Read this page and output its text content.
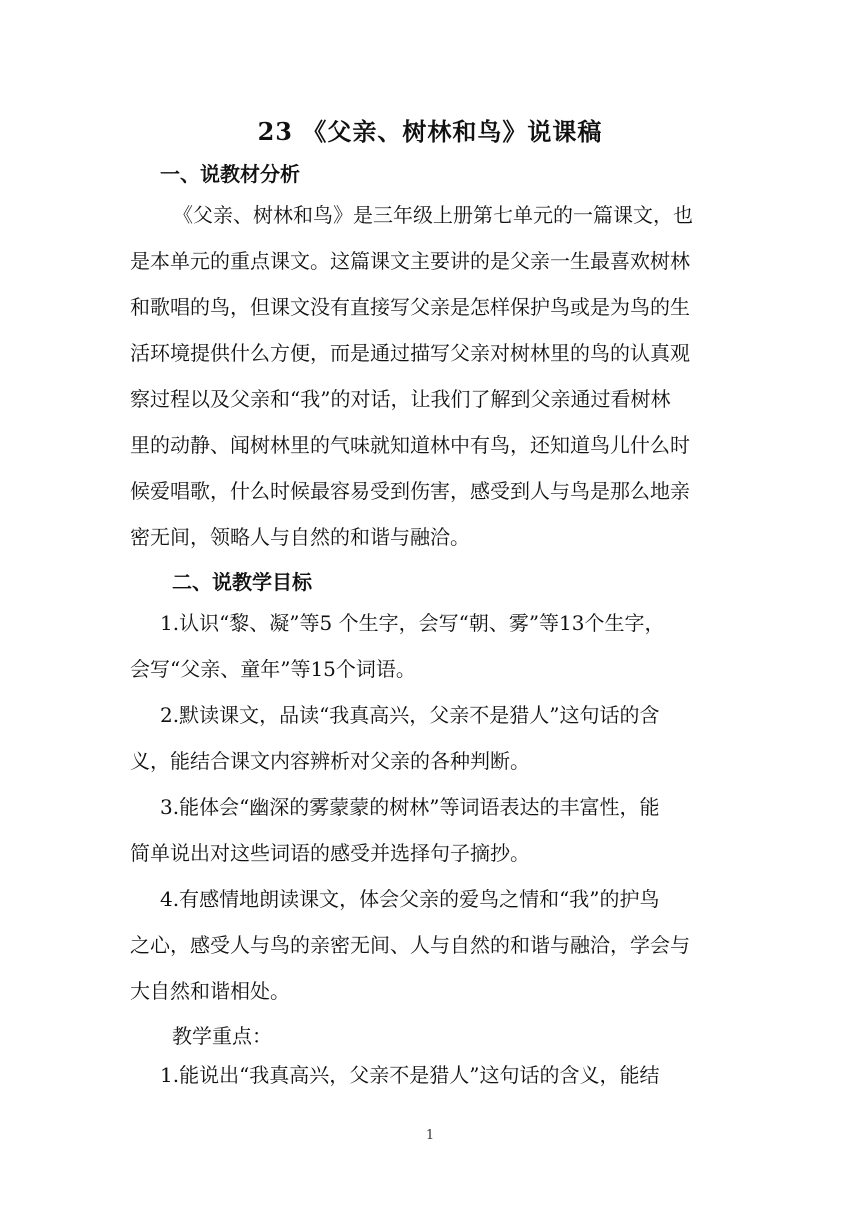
23 《父亲、树林和鸟》说课稿
一、说教材分析
《父亲、树林和鸟》是三年级上册第七单元的一篇课文，也
是本单元的重点课文。这篇课文主要讲的是父亲一生最喜欢树林
和歌唱的鸟，但课文没有直接写父亲是怎样保护鸟或是为鸟的生
活环境提供什么方便，而是通过描写父亲对树林里的鸟的认真观
察过程以及父亲和“我”的对话，让我们了解到父亲通过看树林
里的动静、闻树林里的气味就知道林中有鸟，还知道鸟儿什么时
候爱唱歌，什么时候最容易受到伤害，感受到人与鸟是那么地亲
密无间，领略人与自然的和谐与融洽。
二、说教学目标
1.认识“黎、凝”等5 个生字，会写“朝、雾”等13个生字，
会写“父亲、童年”等15个词语。
2.默读课文，品读“我真高兴，父亲不是猎人”这句话的含
义，能结合课文内容辨析对父亲的各种判断。
3.能体会“幽深的雾蒙蒙的树林”等词语表达的丰富性，能
简单说出对这些词语的感受并选择句子摘抄。
4.有感情地朗读课文，体会父亲的爱鸟之情和“我”的护鸟
之心，感受人与鸟的亲密无间、人与自然的和谐与融洽，学会与
大自然和谐相处。
教学重点：
1.能说出“我真高兴，父亲不是猎人”这句话的含义，能结
1
